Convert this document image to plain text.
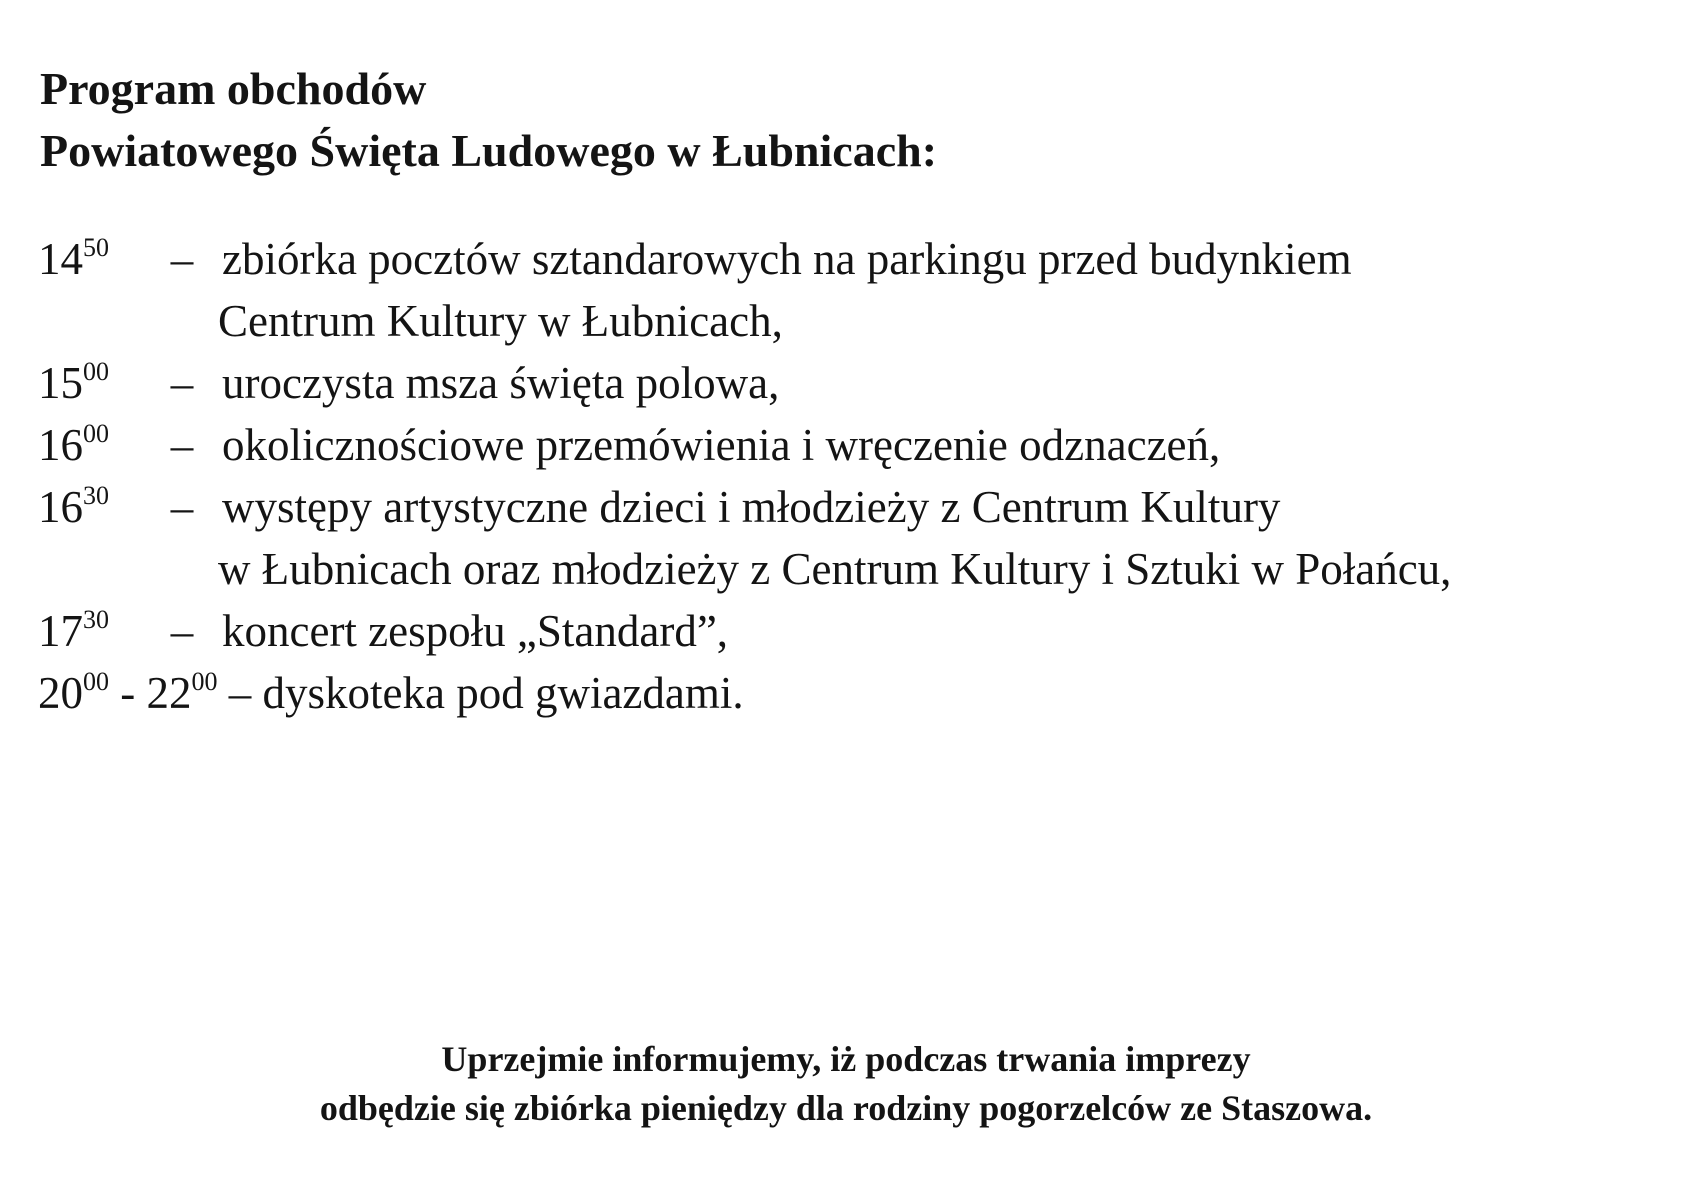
Program obchodów
Powiatowego Święta Ludowego w Łubnicach:
$14^{50}$	– zbiórka pocztów sztandarowych na parkingu przed budynkiem
Centrum Kultury w Łubnicach,
$15^{00}$	– uroczysta msza święta polowa,
$16^{00}$	– okolicznościowe przemówienia i wręczenie odznaczeń,
$16^{30}$	– występy artystyczne dzieci i młodzieży z Centrum Kultury
w Łubnicach oraz młodzieży z Centrum Kultury i Sztuki w Połańcu,
$17^{30}$	– koncert zespołu „Standard”,
$20^{00} - 22^{00}$ – dyskoteka pod gwiazdami.
Uprzejmie informujemy, iż podczas trwania imprezy
odbędzie się zbiórka pieniędzy dla rodziny pogorzelców ze Staszowa.
